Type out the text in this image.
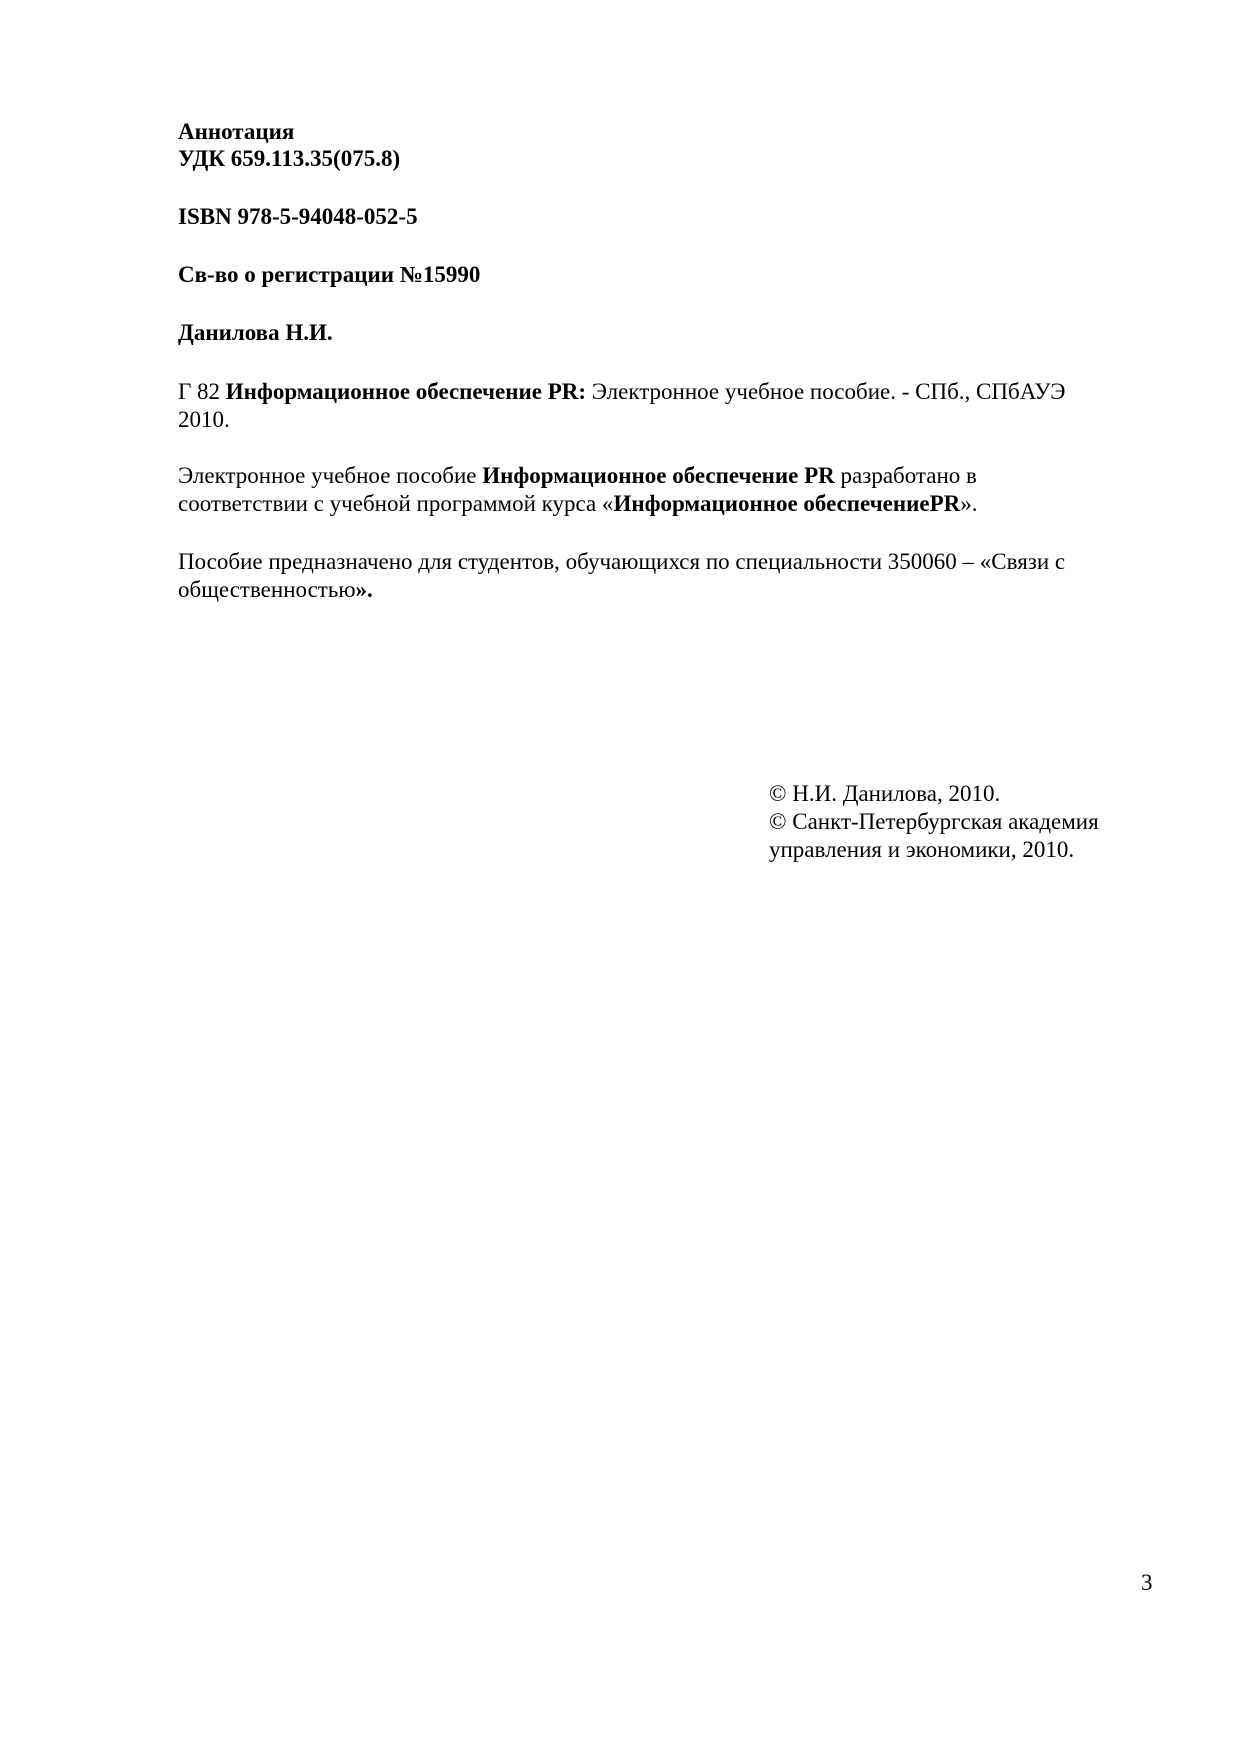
Аннотация
УДК 659.113.35(075.8)
ISBN 978-5-94048-052-5
Св-во о регистрации №15990
Данилова Н.И.
Г 82 Информационное обеспечение PR: Электронное учебное пособие. - СПб., СПбАУЭ
2010.
Электронное учебное пособие Информационное обеспечение PR разработано в
соответствии с учебной программой курса «Информационное обеспечениеPR».
Пособие предназначено для студентов, обучающихся по специальности 350060 – «Связи с
общественностью».
© Н.И. Данилова, 2010.
© Санкт-Петербургская академия
управления и экономики, 2010.
3
